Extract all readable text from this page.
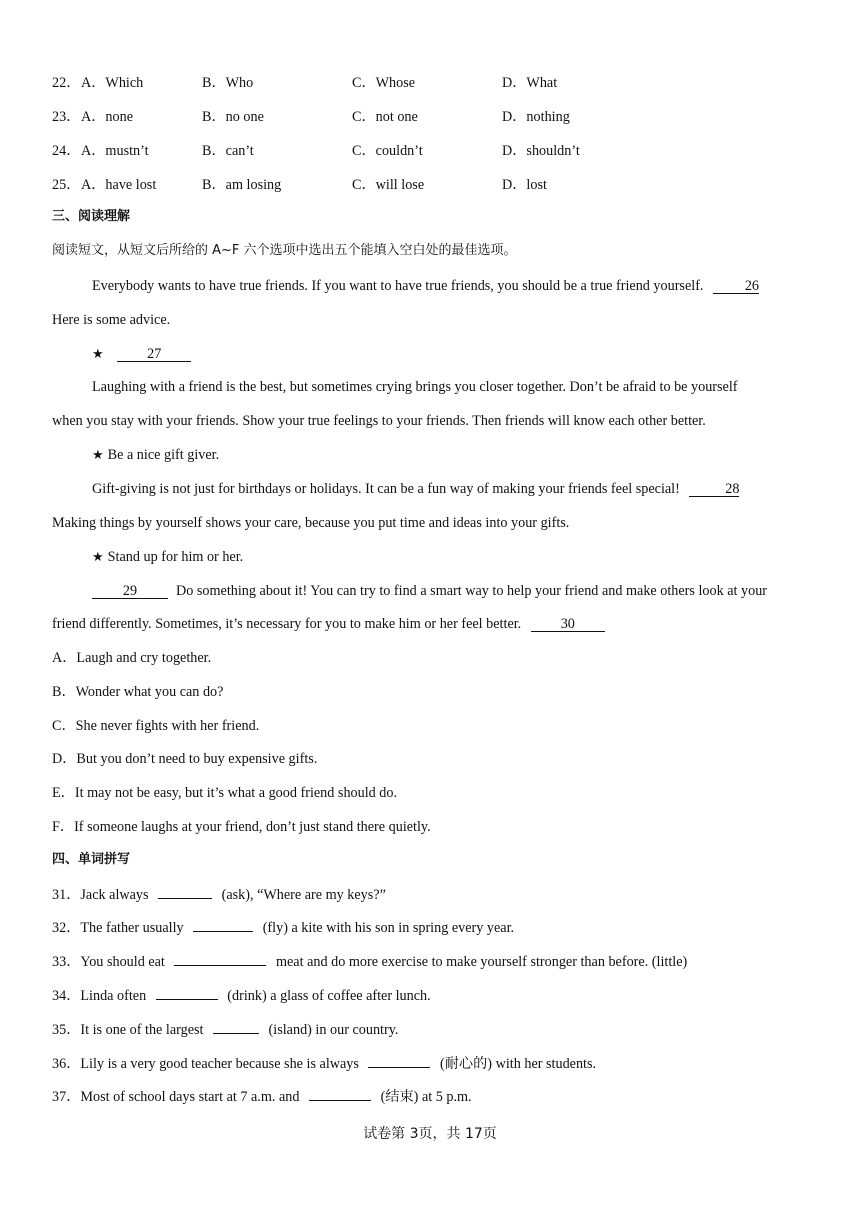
22． A．Which	B．Who	C．Whose	D．What
23． A．none	B．no one	C．not one	D．nothing
24． A．mustn’t	B．can’t	C．couldn’t	D．shouldn’t
25． A．have lost	B．am losing	C．will lose	D．lost
三、阅读理解
阅读短文，从短文后所给的 A~F 六个选项中选出五个能填入空白处的最佳选项。
Everybody wants to have true friends. If you want to have true friends, you should be a true friend yourself.	26
Here is some advice.
★	27
Laughing with a friend is the best, but sometimes crying brings you closer together. Don’t be afraid to be yourself
when you stay with your friends. Show your true feelings to your friends. Then friends will know each other better.
★ Be a nice gift giver.
Gift-giving is not just for birthdays or holidays. It can be a fun way of making your friends feel special!	28
Making things by yourself shows your care, because you put time and ideas into your gifts.
★ Stand up for him or her.
29	Do something about it! You can try to find a smart way to help your friend and make others look at your
friend differently. Sometimes, it’s necessary for you to make him or her feel better.	30
A．Laugh and cry together.
B．Wonder what you can do?
C．She never fights with her friend.
D．But you don’t need to buy expensive gifts.
E．It may not be easy, but it’s what a good friend should do.
F．If someone laughs at your friend, don’t just stand there quietly.
四、单词拼写
31．Jack always	(ask), “Where are my keys?”
32．The father usually	(fly) a kite with his son in spring every year.
33．You should eat	meat and do more exercise to make yourself stronger than before. (little)
34．Linda often	(drink) a glass of coffee after lunch.
35．It is one of the largest	(island) in our country.
36．Lily is a very good teacher because she is always	(耐心的) with her students.
37．Most of school days start at 7 a.m. and	(结束) at 5 p.m.
试卷第 3页，共 17页
